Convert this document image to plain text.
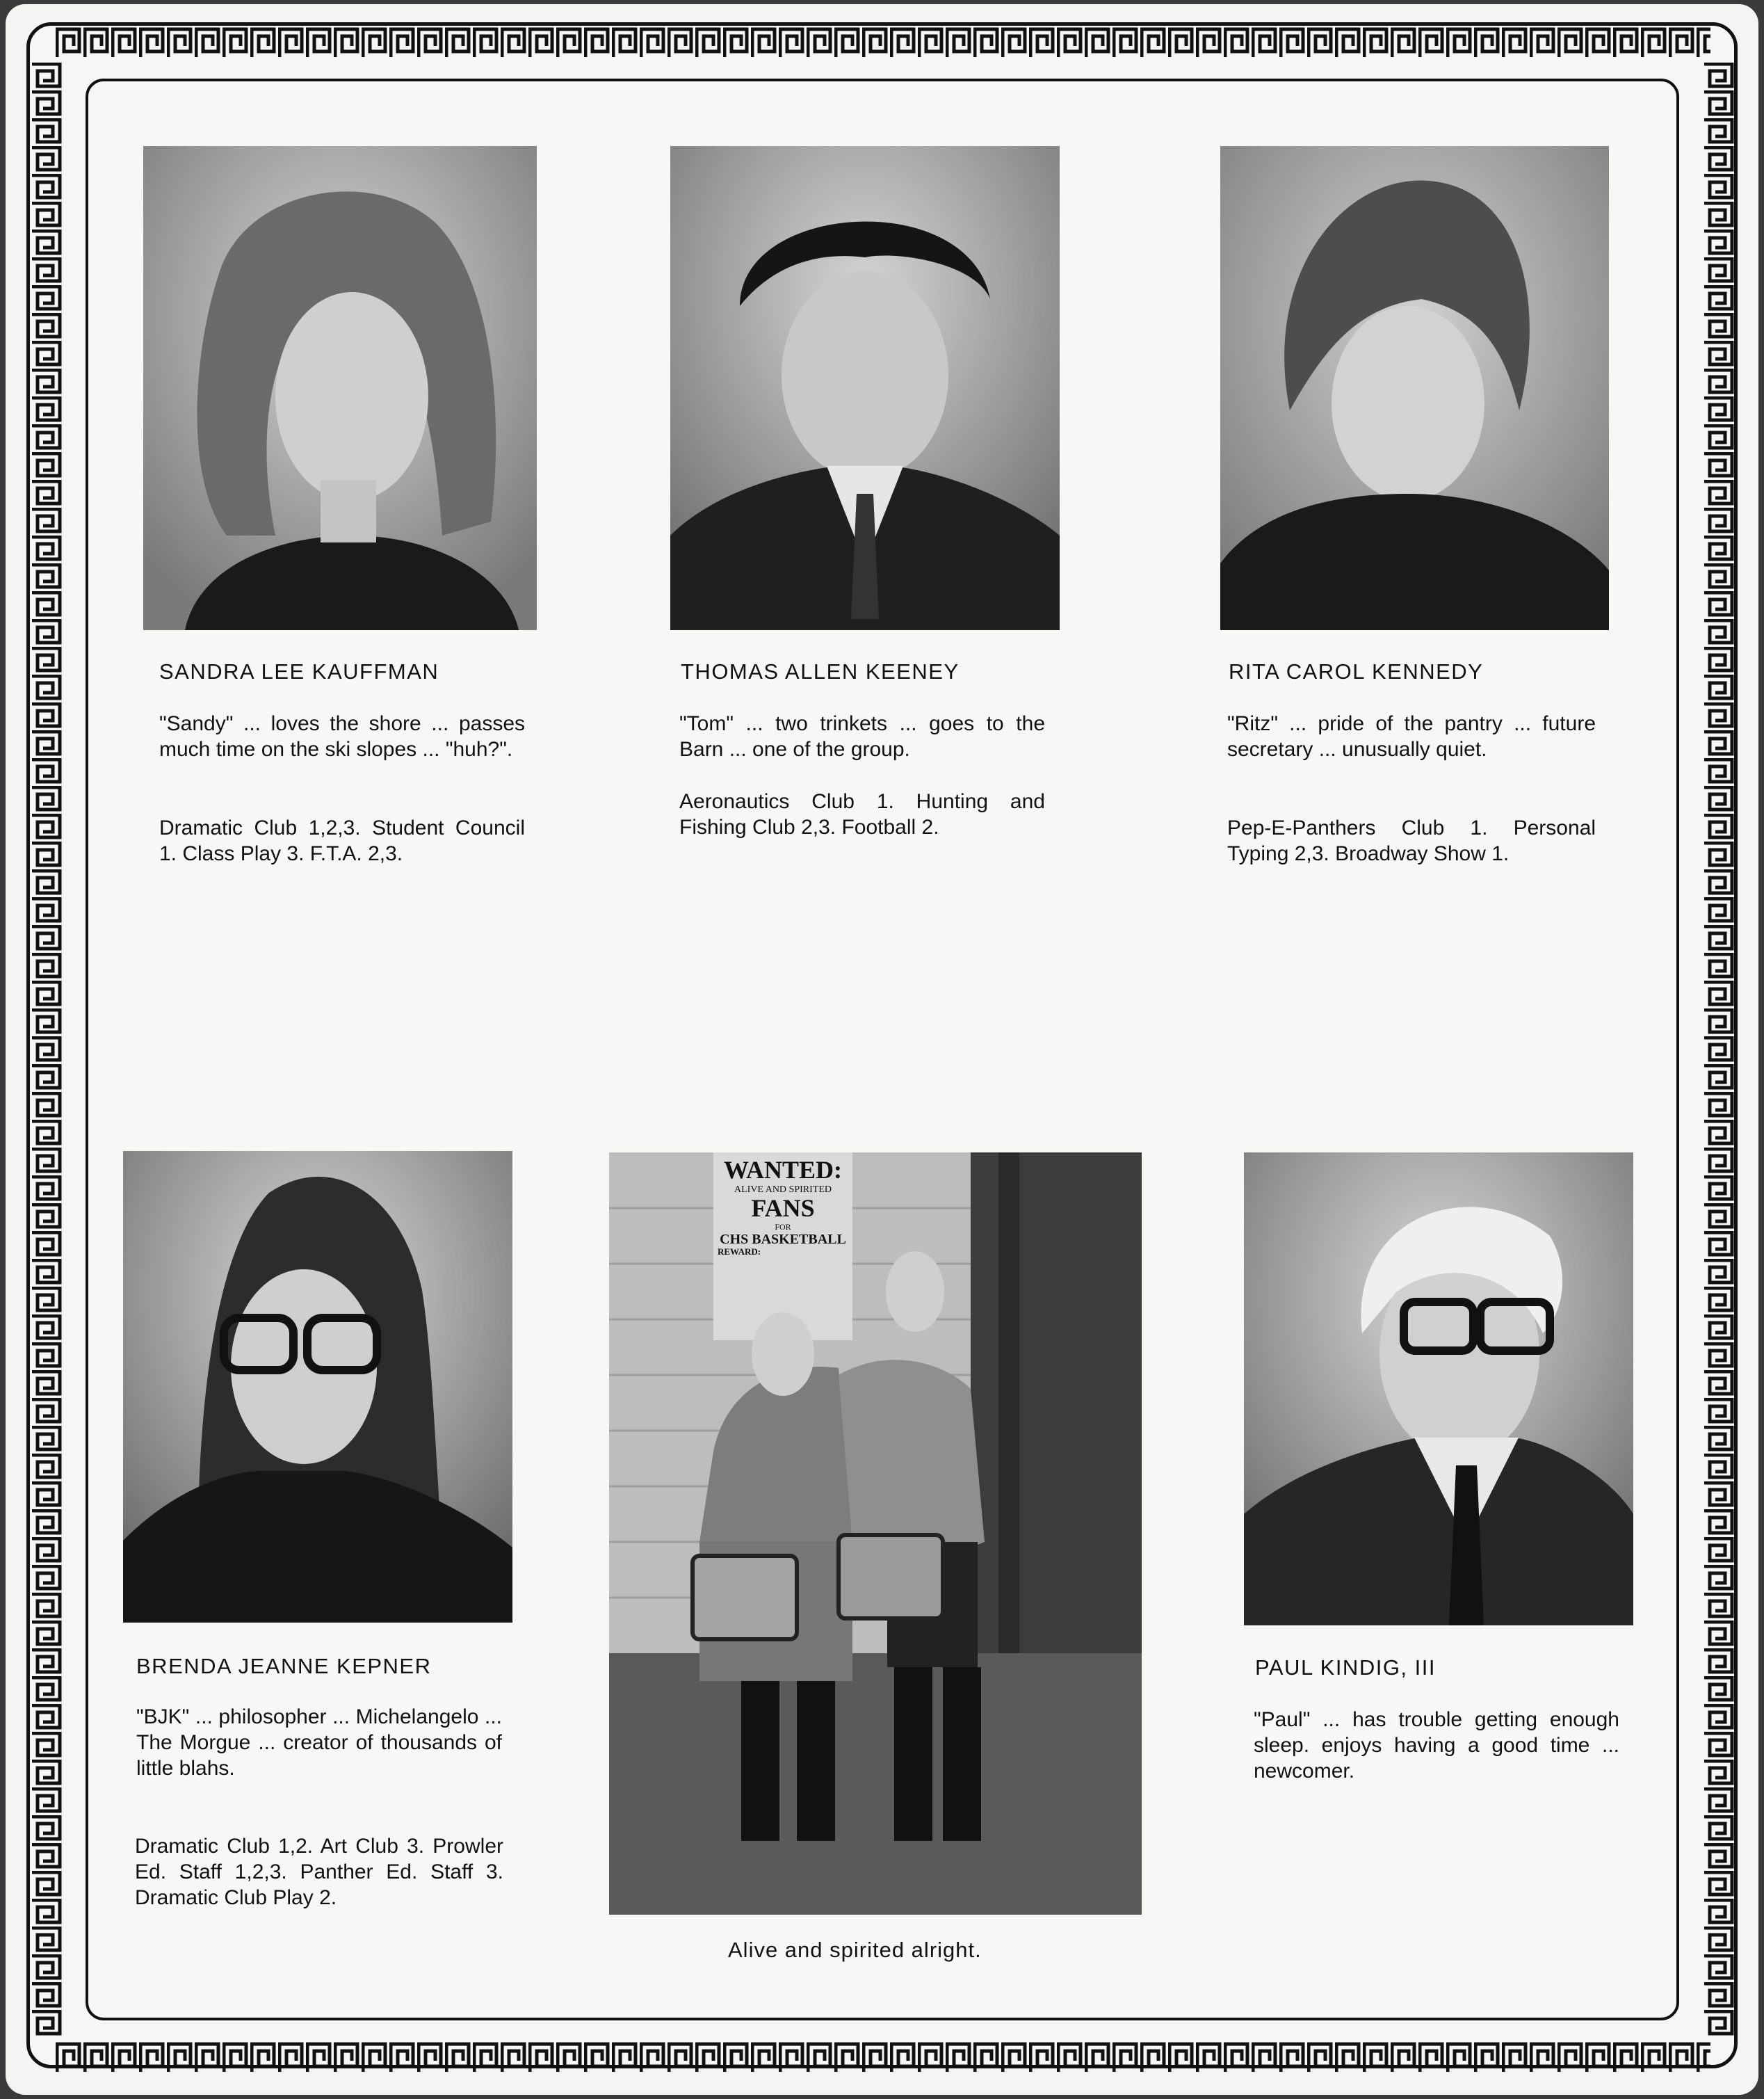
SANDRA LEE KAUFFMAN

"Sandy" ... loves the shore ... passes much time on the ski slopes ... "huh?".

Dramatic Club 1,2,3. Student Council 1. Class Play 3. F.T.A. 2,3.

THOMAS ALLEN KEENEY

"Tom" ... two trinkets ... goes to the Barn ... one of the group.

Aeronautics Club 1. Hunting and Fishing Club 2,3. Football 2.

RITA CAROL KENNEDY

"Ritz" ... pride of the pantry ... future secretary ... unusually quiet.

Pep-E-Panthers Club 1. Personal Typing 2,3. Broadway Show 1.

BRENDA JEANNE KEPNER

"BJK" ... philosopher ... Michelangelo ... The Morgue ... creator of thousands of little blahs.

Dramatic Club 1,2. Art Club 3. Prowler Ed. Staff 1,2,3. Panther Ed. Staff 3. Dramatic Club Play 2.

WANTED:
ALIVE AND SPIRITED
FANS
FOR
CHS BASKETBALL
REWARD:
Alive and spirited alright.
PAUL KINDIG, III

"Paul" ... has trouble getting enough sleep. enjoys having a good time ... newcomer.
